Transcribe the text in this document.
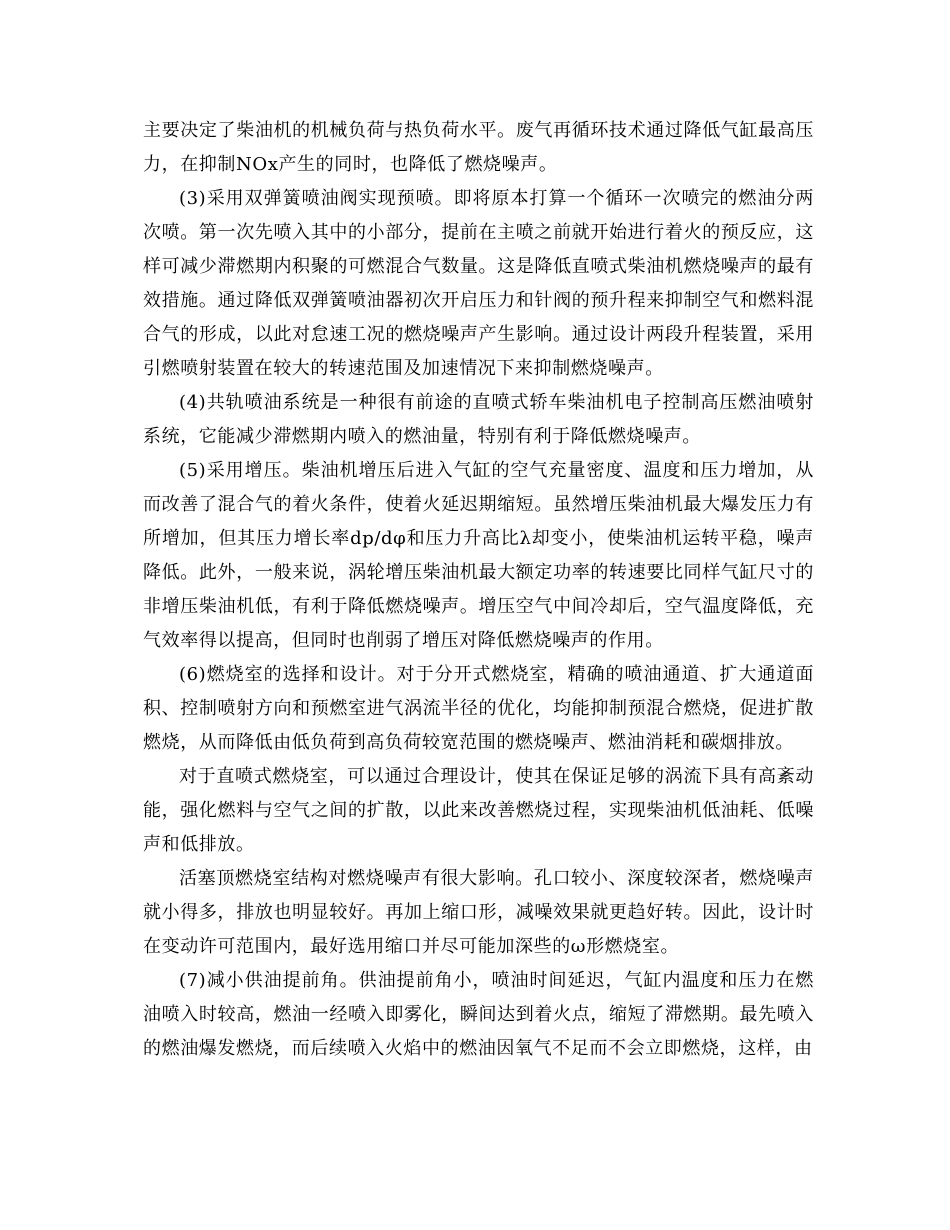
主要决定了柴油机的机械负荷与热负荷水平。废气再循环技术通过降低气缸最高压力，在抑制NOx产生的同时，也降低了燃烧噪声。

(3)采用双弹簧喷油阀实现预喷。即将原本打算一个循环一次喷完的燃油分两次喷。第一次先喷入其中的小部分，提前在主喷之前就开始进行着火的预反应，这样可减少滞燃期内积聚的可燃混合气数量。这是降低直喷式柴油机燃烧噪声的最有效措施。通过降低双弹簧喷油器初次开启压力和针阀的预升程来抑制空气和燃料混合气的形成，以此对怠速工况的燃烧噪声产生影响。通过设计两段升程装置，采用引燃喷射装置在较大的转速范围及加速情况下来抑制燃烧噪声。

(4)共轨喷油系统是一种很有前途的直喷式轿车柴油机电子控制高压燃油喷射系统，它能减少滞燃期内喷入的燃油量，特别有利于降低燃烧噪声。

(5)采用增压。柴油机增压后进入气缸的空气充量密度、温度和压力增加，从而改善了混合气的着火条件，使着火延迟期缩短。虽然增压柴油机最大爆发压力有所增加，但其压力增长率dp/dφ和压力升高比λ却变小，使柴油机运转平稳，噪声降低。此外，一般来说，涡轮增压柴油机最大额定功率的转速要比同样气缸尺寸的非增压柴油机低，有利于降低燃烧噪声。增压空气中间冷却后，空气温度降低，充气效率得以提高，但同时也削弱了增压对降低燃烧噪声的作用。

(6)燃烧室的选择和设计。对于分开式燃烧室，精确的喷油通道、扩大通道面积、控制喷射方向和预燃室进气涡流半径的优化，均能抑制预混合燃烧，促进扩散燃烧，从而降低由低负荷到高负荷较宽范围的燃烧噪声、燃油消耗和碳烟排放。

对于直喷式燃烧室，可以通过合理设计，使其在保证足够的涡流下具有高紊动能，强化燃料与空气之间的扩散，以此来改善燃烧过程，实现柴油机低油耗、低噪声和低排放。

活塞顶燃烧室结构对燃烧噪声有很大影响。孔口较小、深度较深者，燃烧噪声就小得多，排放也明显较好。再加上缩口形，减噪效果就更趋好转。因此，设计时在变动许可范围内，最好选用缩口并尽可能加深些的ω形燃烧室。

(7)减小供油提前角。供油提前角小，喷油时间延迟，气缸内温度和压力在燃油喷入时较高，燃油一经喷入即雾化，瞬间达到着火点，缩短了滞燃期。最先喷入的燃油爆发燃烧，而后续喷入火焰中的燃油因氧气不足而不会立即燃烧，这样，由
